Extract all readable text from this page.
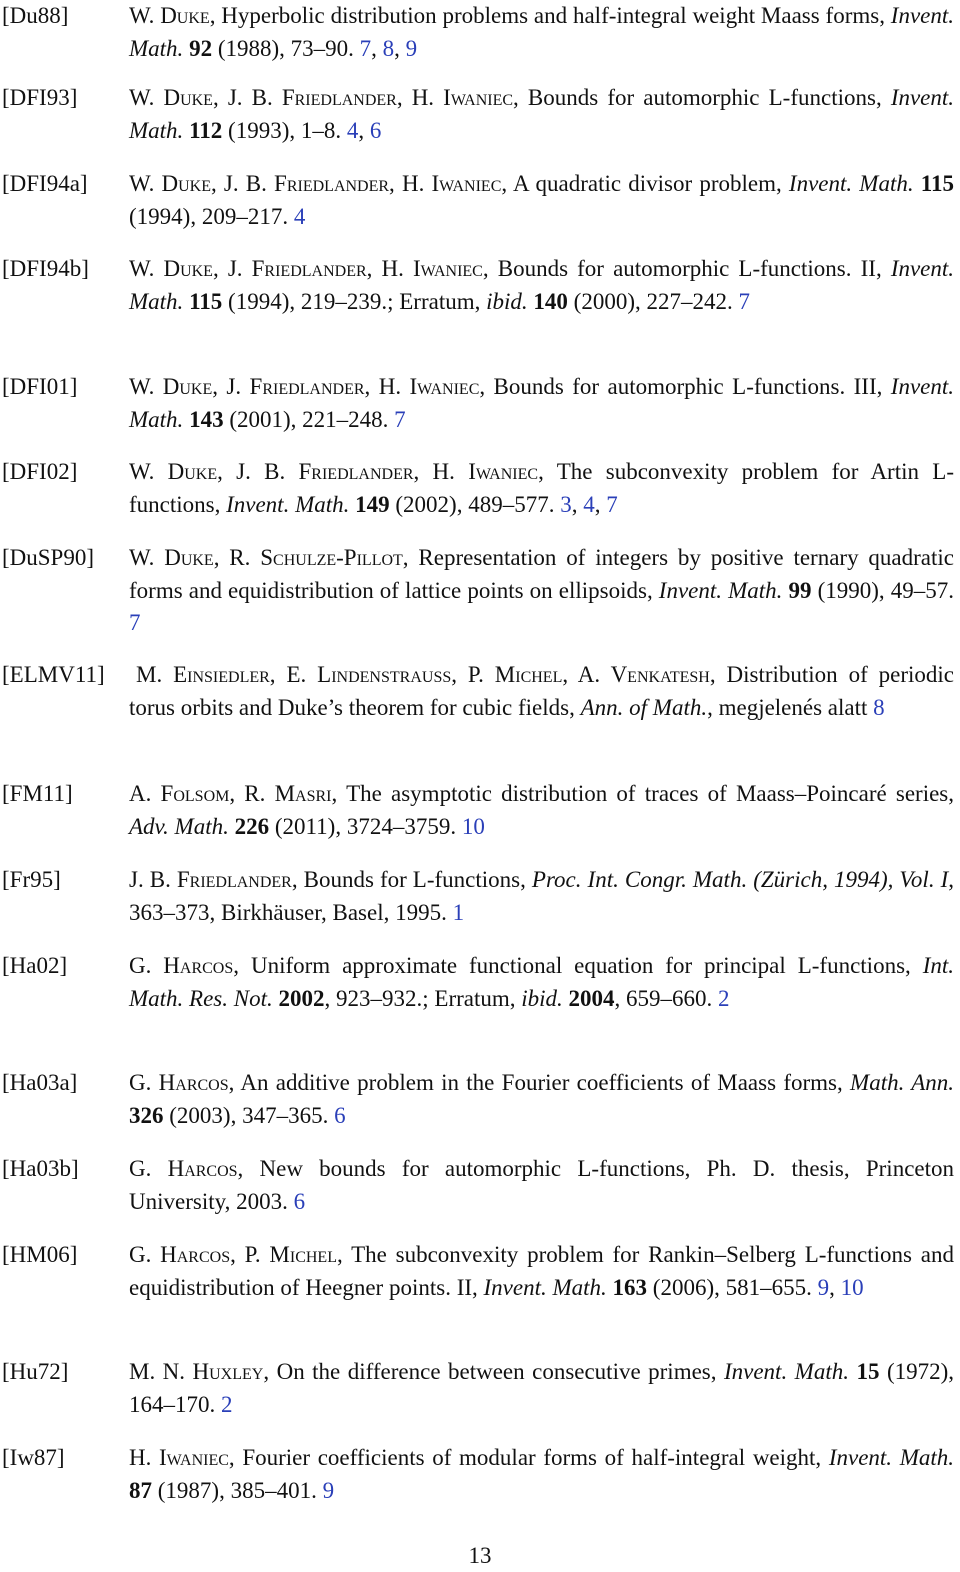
[Du88]	W. Duke, Hyperbolic distribution problems and half-integral weight Maass forms, Invent. Math. 92 (1988), 73–90. 7, 8, 9
[DFI93] W. Duke, J. B. Friedlander, H. Iwaniec, Bounds for automorphic L-functions, Invent. Math. 112 (1993), 1–8. 4, 6
[DFI94a] W. Duke, J. B. Friedlander, H. Iwaniec, A quadratic divisor problem, Invent. Math. 115 (1994), 209–217. 4
[DFI94b] W. Duke, J. Friedlander, H. Iwaniec, Bounds for automorphic L-functions. II, Invent. Math. 115 (1994), 219–239.; Erratum, ibid. 140 (2000), 227–242. 7
[DFI01] W. Duke, J. Friedlander, H. Iwaniec, Bounds for automorphic L-functions. III, Invent. Math. 143 (2001), 221–248. 7
[DFI02] W. Duke, J. B. Friedlander, H. Iwaniec, The subconvexity problem for Artin L-functions, Invent. Math. 149 (2002), 489–577. 3, 4, 7
[DuSP90] W. Duke, R. Schulze-Pillot, Representation of integers by positive ternary quadratic forms and equidistribution of lattice points on ellipsoids, Invent. Math. 99 (1990), 49–57. 7
[ELMV11]	M. Einsiedler, E. Lindenstrauss, P. Michel, A. Venkatesh, Distribution of periodic torus orbits and Duke’s theorem for cubic fields, Ann. of Math., megjelenés alatt 8
[FM11] A. Folsom, R. Masri, The asymptotic distribution of traces of Maass–Poincaré series, Adv. Math. 226 (2011), 3724–3759. 10
[Fr95]	J. B. Friedlander, Bounds for L-functions, Proc. Int. Congr. Math. (Zürich, 1994), Vol. I, 363–373, Birkhäuser, Basel, 1995. 1
[Ha02]	G. Harcos, Uniform approximate functional equation for principal L-functions, Int. Math. Res. Not. 2002, 923–932.; Erratum, ibid. 2004, 659–660. 2
[Ha03a] G. Harcos, An additive problem in the Fourier coefficients of Maass forms, Math. Ann. 326 (2003), 347–365. 6
[Ha03b] G. Harcos, New bounds for automorphic L-functions, Ph. D. thesis, Princeton University, 2003. 6
[HM06] G. Harcos, P. Michel, The subconvexity problem for Rankin–Selberg L-functions and equidistribution of Heegner points. II, Invent. Math. 163 (2006), 581–655. 9, 10
[Hu72]	M. N. Huxley, On the difference between consecutive primes, Invent. Math. 15 (1972), 164–170. 2
[Iw87]	H. Iwaniec, Fourier coefficients of modular forms of half-integral weight, Invent. Math. 87 (1987), 385–401. 9
13
